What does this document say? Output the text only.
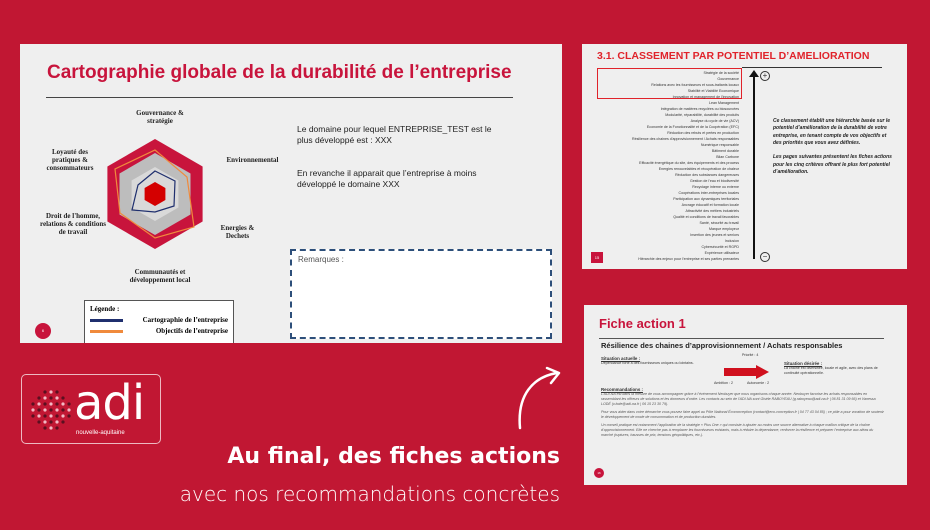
Cartographie globale de la durabilité de l’entreprise
Gouvernance & stratégie
Environnemental
Energies & Dechets
Communautés et développement local
Droit de l'homme, relations & conditions de travail
Loyauté des pratiques & consommateurs
Le domaine pour lequel ENTREPRISE_TEST est le plus développé est : XXX
En revanche il apparait que l’entreprise à moins développé le domaine XXX
Remarques :
Légende :
Cartographie de l’entreprise
Objectifs de l’entreprise
6
3.1. CLASSEMENT PAR POTENTIEL D’AMELIORATION
Stratégie de la société
Gouvernance
Relations avec les fournisseurs et sous-traitants locaux
Stabilité et Viabilité Economique
Innovation et management de l'innovation
Lean Management
Intégration de matières recyclées ou biosourcées
Modularité, réparabilité, durabilité des produits
Analyse du cycle de vie (ACV)
Economie de la Fonctionnalité et de la Coopération (EFC)
Réduction des rebuts et pertes en production
Résilience des chaines d'approvisionnement / Achats responsables
Numérique responsable
Bâtiment durable
Bilan Carbone
Efficacité énergétique du site, des équipements et des process
Energies renouvelables et récupération de chaleur
Réduction des substances dangereuses
Gestion de l'eau et biodiversité
Recyclage interne ou externe
Coopérations inter-entreprises locales
Participation aux dynamiques territoriales
Ancrage éducatif et formation locale
Attractivité des métiers industriels
Qualité et conditions de travail favorables
Santé, sécurité au travail
Marque employeur
Insertion des jeunes et seniors
Inclusion
Cybersécurité et RGPD
Expérience utilisateur
Hiérarchie des enjeux pour l'entreprise et ses parties prenantes
+
−

Ce classement établit une hiérarchie basée sur le potentiel d’amélioration de la durabilité de votre entreprise, en tenant compte de vos objectifs et des priorités que vous avez définies.

Les pages suivantes présentent les fiches actions pour les cinq critères offrant le plus fort potentiel d’amélioration.

15
Fiche action 1
Résilience des chaines d’approvisionnement / Achats responsables
Situation actuelle :
Dépendance forte à des fournisseurs uniques ou lointains.
Priorité : 4
Ambition : 2	Autonomie : 2
Situation désirée :
La chaîne est diversifiée, locale et agile, avec des plans de continuité opérationnelle.
Recommandations :

L’ADI-NA est dans la mesure de vous accompagner grâce à l’événement Neobuyer que nous organisons chaque année. Neobuyer favorise les achats responsables en rassemblant les offreurs de solutions et les donneurs d’ordre. Les contacts au sein de l’ADI-NA sont Gisèle RABOYEAU (g.raboyeau@adi-na.fr | 06 81 31 09 66) et Vanessa LODÉ (v.lode@adi-na.fr | 06 15 23 30 79).

Pour vous aider dans votre démarche vous pouvez faire appel au Pôle National Écoconception (contact@eco-conception.fr | 04 77 43 04 85) ; ce pôle a pour vocation de soutenir le développement de mode de consommation et de production durables.

Un conseil pratique est notamment l’application de la stratégie « Plus One » qui consiste à ajouter au moins une source alternative à chaque maillon critique de la chaîne d’approvisionnement. Elle ne cherche pas à remplacer les fournisseurs existants, mais à réduire la dépendance, renforcer la résilience et préparer l’entreprise aux aléas du marché (ruptures, hausses de prix, tensions géopolitiques, etc.).

16
adi
nouvelle-aquitaine
Au final, des fiches actions
avec nos recommandations concrètes
